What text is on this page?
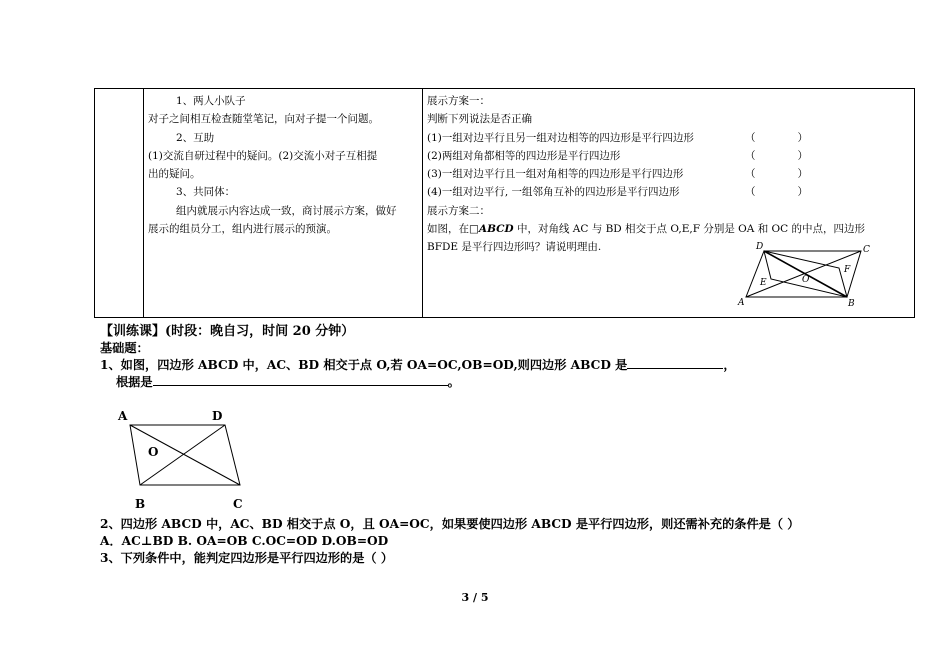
1、两人小队子
对子之间相互检查随堂笔记，向对子提一个问题。
2、互助
(1)交流自研过程中的疑问。(2)交流小对子互相提
出的疑问。
3、共同体：
组内就展示内容达成一致，商讨展示方案，做好
展示的组员分工，组内进行展示的预演。

展示方案一：
判断下列说法是否正确
(1)一组对边平行且另一组对边相等的四边形是平行四边形	（　　　　）
(2)两组对角都相等的四边形是平行四边形	（　　　　）
(3)一组对边平行且一组对角相等的四边形是平行四边形	（　　　　）
(4)一组对边平行, 一组邻角互补的四边形是平行四边形	（　　　　）
展示方案二：
如图，在□ABCD 中，对角线 AC 与 BD 相交于点 O,E,F 分别是 OA 和 OC 的中点，四边形
BFDE 是平行四边形吗？请说明理由.	D	C
F
E	O
A	B
【训练课】(时段：晚自习，时间 20 分钟）
基础题：
1、如图，四边形 ABCD 中，AC、BD 相交于点 O,若 OA=OC,OB=OD,则四边形 ABCD 是	，
根据是	。
A	D
O
B	C
2、四边形 ABCD 中，AC、BD 相交于点 O，且 OA=OC，如果要使四边形 ABCD 是平行四边形，则还需补充的条件是（ ）
A．AC⊥BD B. OA=OB C.OC=OD D.OB=OD
3、下列条件中，能判定四边形是平行四边形的是（ ）
3 / 5
